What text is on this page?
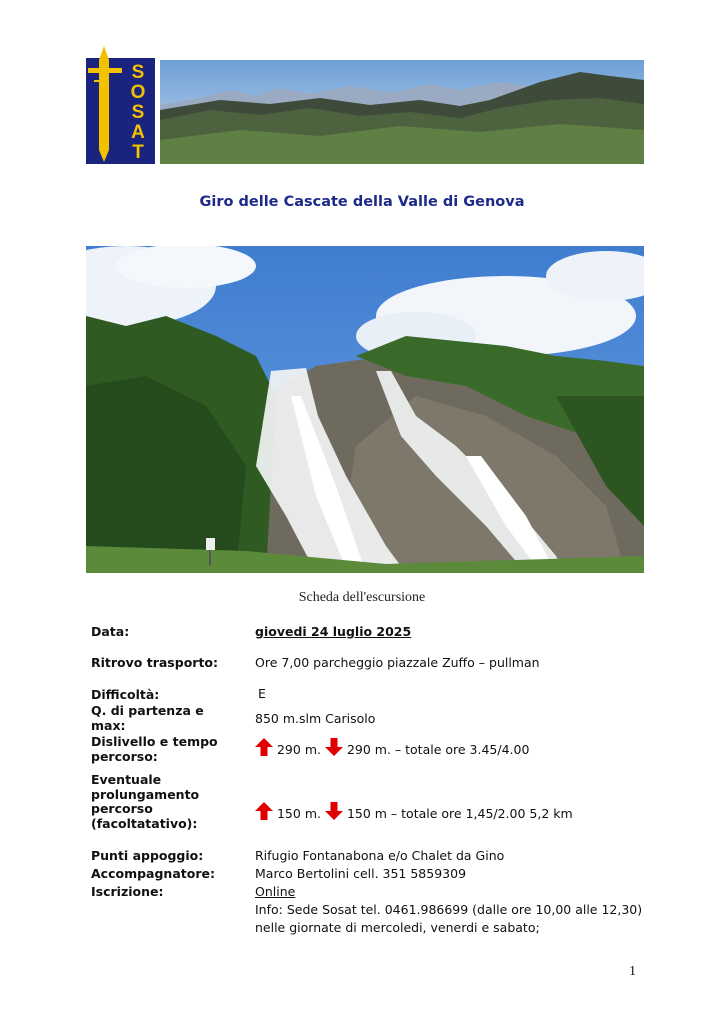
S
O
S
A
T
Giro delle Cascate della Valle di Genova
Scheda dell'escursione
Data:	giovedi 24 luglio 2025
Ritrovo trasporto:	Ore 7,00 parcheggio piazzale Zuffo – pullman
Difficoltà:	E
Q. di partenza e
max:	850 m.slm Carisolo
Dislivello e tempo
percorso:	290 m. 290 m. – totale ore 3.45/4.00
Eventuale
prolungamento
percorso
(facoltatativo):
150 m. 150 m – totale ore 1,45/2.00 5,2 km
Punti appoggio:	Rifugio Fontanabona e/o Chalet da Gino
Accompagnatore:	Marco Bertolini cell. 351 5859309
Iscrizione:	Online
Info: Sede Sosat tel. 0461.986699 (dalle ore 10,00 alle 12,30)
nelle giornate di mercoledi, venerdi e sabato;
1
